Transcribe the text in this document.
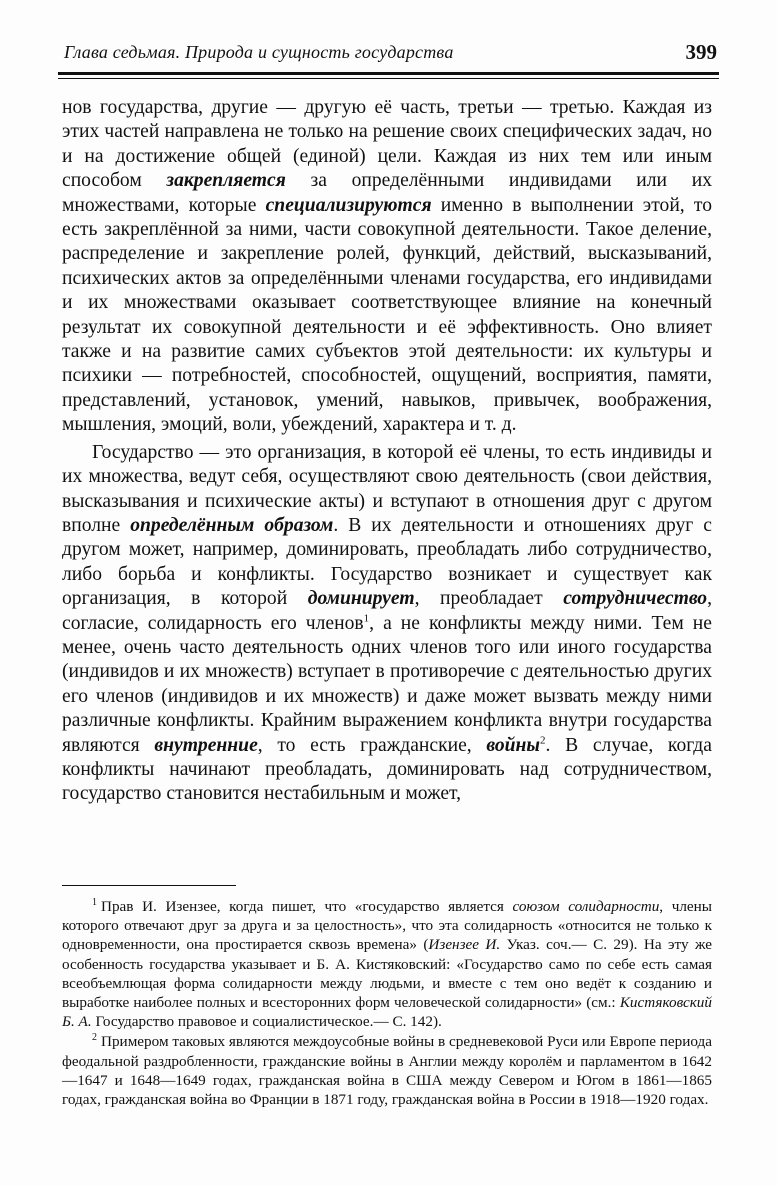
Глава седьмая. Природа и сущность государства	399

нов государства, другие — другую её часть, третьи — третью. Каждая из этих частей направлена не только на решение своих специфических задач, но и на достижение общей (единой) цели. Каждая из них тем или иным способом закрепляется за определёнными индивидами или их множествами, которые специализируются именно в выполнении этой, то есть закреплённой за ними, части совокупной деятельности. Такое деление, распределение и закрепление ролей, функций, действий, высказываний, психических актов за определёнными членами государства, его индивидами и их множествами оказывает соответствующее влияние на конечный результат их совокупной деятельности и её эффективность. Оно влияет также и на развитие самих субъектов этой деятельности: их культуры и психики — потребностей, способностей, ощущений, восприятия, памяти, представлений, установок, умений, навыков, привычек, воображения, мышления, эмоций, воли, убеждений, характера и т. д.

Государство — это организация, в которой её члены, то есть индивиды и их множества, ведут себя, осуществляют свою деятельность (свои действия, высказывания и психические акты) и вступают в отношения друг с другом вполне определённым образом. В их деятельности и отношениях друг с другом может, например, доминировать, преобладать либо сотрудничество, либо борьба и конфликты. Государство возникает и существует как организация, в которой доминирует, преобладает сотрудничество, согласие, солидарность его членов$^1$, а не конфликты между ними. Тем не менее, очень часто деятельность одних членов того или иного государства (индивидов и их множеств) вступает в противоречие с деятельностью других его членов (индивидов и их множеств) и даже может вызвать между ними различные конфликты. Крайним выражением конфликта внутри государства являются внутренние, то есть гражданские, войны$^2$. В случае, когда конфликты начинают преобладать, доминировать над сотрудничеством, государство становится нестабильным и может,

$^1$ Прав И. Изензее, когда пишет, что «государство является союзом солидарности, члены которого отвечают друг за друга и за целостность», что эта солидарность «относится не только к одновременности, она простирается сквозь времена» (Изензее И. Указ. соч.— С. 29). На эту же особенность государства указывает и Б. А. Кистяковский: «Государство само по себе есть самая всеобъемлющая форма солидарности между людьми, и вместе с тем оно ведёт к созданию и выработке наиболее полных и всесторонних форм человеческой солидарности» (см.: Кистяковский Б. А. Государство правовое и социалистическое.— С. 142).

$^2$ Примером таковых являются междоусобные войны в средневековой Руси или Европе периода феодальной раздробленности, гражданские войны в Англии между королём и парламентом в 1642—1647 и 1648—1649 годах, гражданская война в США между Севером и Югом в 1861—1865 годах, гражданская война во Франции в 1871 году, гражданская война в России в 1918—1920 годах.
